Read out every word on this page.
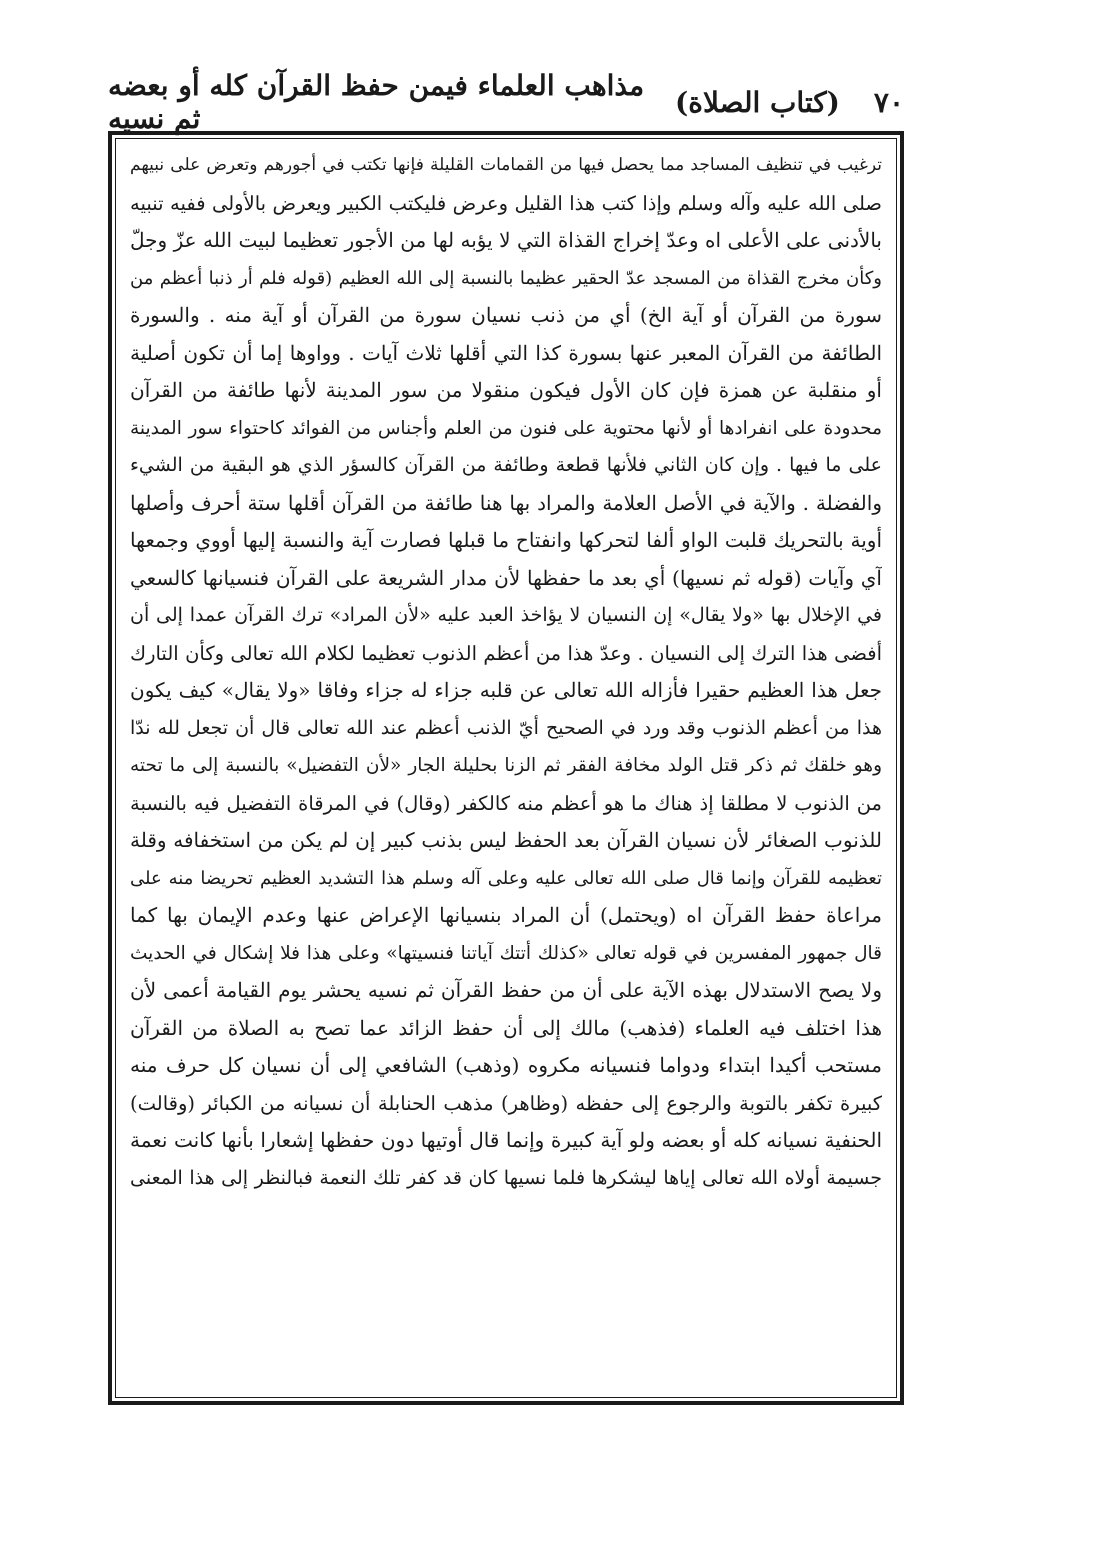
مذاهب العلماء فيمن حفظ القرآن كله أو بعضه ثم نسيه	(كتاب الصلاة) ٧٠
ترغيب في تنظيف المساجد مما يحصل فيها من القمامات القليلة فإنها تكتب في أجورهم وتعرض على نبيهم
صلى الله عليه وآله وسلم وإذا كتب هذا القليل وعرض فليكتب الكبير ويعرض بالأولى ففيه تنبيه
بالأدنى على الأعلى اه وعدّ إخراج القذاة التي لا يؤبه لها من الأجور تعظيما لبيت الله عزّ وجلّ
وكأن مخرج القذاة من المسجد عدّ الحقير عظيما بالنسبة إلى الله العظيم (قوله فلم أر ذنبا أعظم من
سورة من القرآن أو آية الخ) أي من ذنب نسيان سورة من القرآن أو آية منه . والسورة
الطائفة من القرآن المعبر عنها بسورة كذا التي أقلها ثلاث آيات . وواوها إما أن تكون أصلية
أو منقلبة عن همزة فإن كان الأول فيكون منقولا من سور المدينة لأنها طائفة من القرآن
محدودة على انفرادها أو لأنها محتوية على فنون من العلم وأجناس من الفوائد كاحتواء سور المدينة
على ما فيها . وإن كان الثاني فلأنها قطعة وطائفة من القرآن كالسؤر الذي هو البقية من الشيء
والفضلة . والآية في الأصل العلامة والمراد بها هنا طائفة من القرآن أقلها ستة أحرف وأصلها
أوية بالتحريك قلبت الواو ألفا لتحركها وانفتاح ما قبلها فصارت آية والنسبة إليها أووي وجمعها
آي وآيات (قوله ثم نسيها) أي بعد ما حفظها لأن مدار الشريعة على القرآن فنسيانها كالسعي
في الإخلال بها «ولا يقال» إن النسيان لا يؤاخذ العبد عليه «لأن المراد» ترك القرآن عمدا إلى أن
أفضى هذا الترك إلى النسيان . وعدّ هذا من أعظم الذنوب تعظيما لكلام الله تعالى وكأن التارك
جعل هذا العظيم حقيرا فأزاله الله تعالى عن قلبه جزاء له جزاء وفاقا «ولا يقال» كيف يكون
هذا من أعظم الذنوب وقد ورد في الصحيح أيّ الذنب أعظم عند الله تعالى قال أن تجعل لله ندّا
وهو خلقك ثم ذكر قتل الولد مخافة الفقر ثم الزنا بحليلة الجار «لأن التفضيل» بالنسبة إلى ما تحته
من الذنوب لا مطلقا إذ هناك ما هو أعظم منه كالكفر (وقال) في المرقاة التفضيل فيه بالنسبة
للذنوب الصغائر لأن نسيان القرآن بعد الحفظ ليس بذنب كبير إن لم يكن من استخفافه وقلة
تعظيمه للقرآن وإنما قال صلى الله تعالى عليه وعلى آله وسلم هذا التشديد العظيم تحريضا منه على
مراعاة حفظ القرآن اه (ويحتمل) أن المراد بنسيانها الإعراض عنها وعدم الإيمان بها كما
قال جمهور المفسرين في قوله تعالى «كذلك أتتك آياتنا فنسيتها» وعلى هذا فلا إشكال في الحديث
ولا يصح الاستدلال بهذه الآية على أن من حفظ القرآن ثم نسيه يحشر يوم القيامة أعمى لأن
هذا اختلف فيه العلماء (فذهب) مالك إلى أن حفظ الزائد عما تصح به الصلاة من القرآن
مستحب أكيدا ابتداء ودواما فنسيانه مكروه (وذهب) الشافعي إلى أن نسيان كل حرف منه
كبيرة تكفر بالتوبة والرجوع إلى حفظه (وظاهر) مذهب الحنابلة أن نسيانه من الكبائر (وقالت)
الحنفية نسيانه كله أو بعضه ولو آية كبيرة وإنما قال أوتيها دون حفظها إشعارا بأنها كانت نعمة
جسيمة أولاه الله تعالى إياها ليشكرها فلما نسيها كان قد كفر تلك النعمة فبالنظر إلى هذا المعنى
